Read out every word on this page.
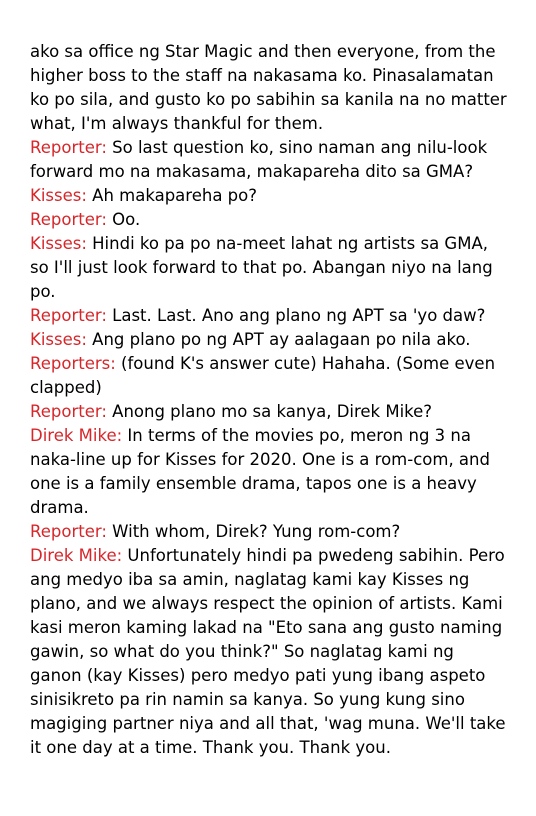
ako sa office ng Star Magic and then everyone, from the higher boss to the staff na nakasama ko. Pinasalamatan ko po sila, and gusto ko po sabihin sa kanila na no matter what, I'm always thankful for them.

Reporter: So last question ko, sino naman ang nilu-look forward mo na makasama, makapareha dito sa GMA?

Kisses: Ah makapareha po?

Reporter: Oo.

Kisses: Hindi ko pa po na-meet lahat ng artists sa GMA, so I'll just look forward to that po. Abangan niyo na lang po.

Reporter: Last. Last. Ano ang plano ng APT sa 'yo daw?

Kisses: Ang plano po ng APT ay aalagaan po nila ako.

Reporters: (found K's answer cute) Hahaha. (Some even clapped)

Reporter: Anong plano mo sa kanya, Direk Mike?

Direk Mike: In terms of the movies po, meron ng 3 na naka-line up for Kisses for 2020. One is a rom-com, and one is a family ensemble drama, tapos one is a heavy drama.

Reporter: With whom, Direk? Yung rom-com?

Direk Mike: Unfortunately hindi pa pwedeng sabihin. Pero ang medyo iba sa amin, naglatag kami kay Kisses ng plano, and we always respect the opinion of artists. Kami kasi meron kaming lakad na "Eto sana ang gusto naming gawin, so what do you think?" So naglatag kami ng ganon (kay Kisses) pero medyo pati yung ibang aspeto sinisikreto pa rin namin sa kanya. So yung kung sino magiging partner niya and all that, 'wag muna. We'll take it one day at a time. Thank you. Thank you.
